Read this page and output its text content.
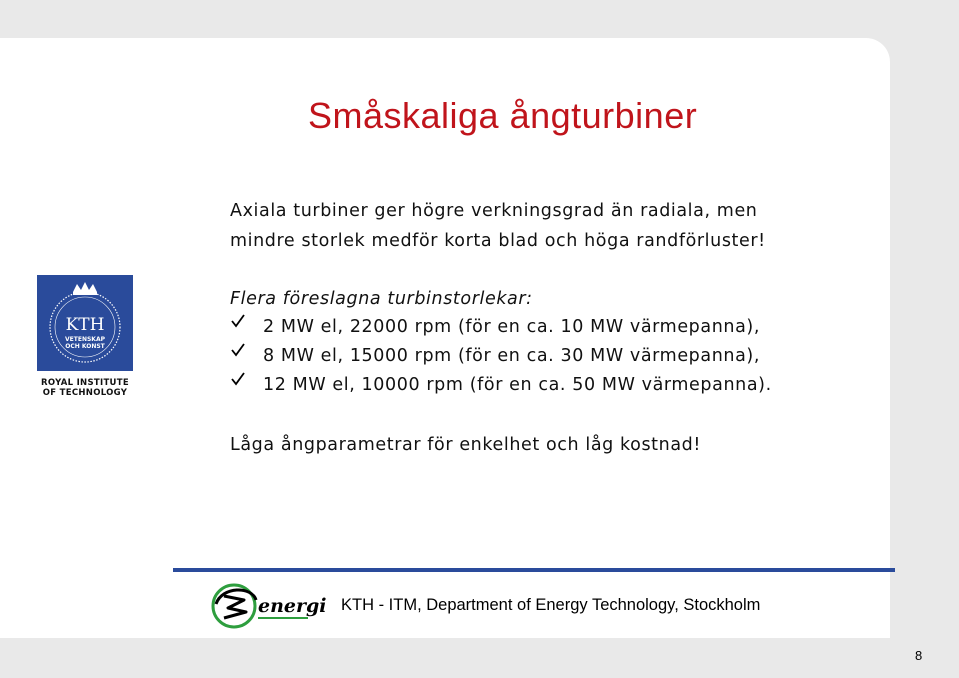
Småskaliga ångturbiner

Axiala turbiner ger högre verkningsgrad än radiala, men
mindre storlek medför korta blad och höga randförluster!

Flera föreslagna turbinstorlekar:

2 MW el, 22000 rpm (för en ca. 10 MW värmepanna),
8 MW el, 15000 rpm (för en ca. 30 MW värmepanna),
12 MW el, 10000 rpm (för en ca. 50 MW värmepanna).

Låga ångparametrar för enkelhet och låg kostnad!

KTH
VETENSKAP
OCH KONST
ROYAL INSTITUTE
OF TECHNOLOGY
energi KTH - ITM, Department of Energy Technology, Stockholm

8
